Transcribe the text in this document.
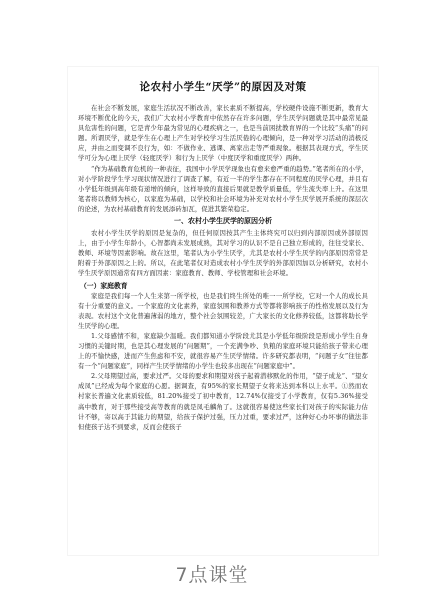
论农村小学生“厌学”的原因及对策

在社会不断发展，家庭生活状况不断改善，家长素质不断提高，学校硬件设施不断更新，教育大环境不断优化的今天，我们广大农村小学教育中依然存在许多问题，学生厌学问题就是其中最常见最具危害性的问题，它是青少年最为常见的心理疾病之一，也是当前困扰教育界的一个比较“头痛”的问题。所谓厌学，就是学生在心理上产生对学校学习生活厌倦的心理倾向，是一种对学习活动的消极反应，并由之而变调不良行为，如：不做作业、逃课、离家出走等严重现象。根据其表现方式，学生厌学可分为心理上厌学（轻度厌学）和行为上厌学（中度厌学和重度厌学）两种。

“作为基础教育危机的一种表征，我国中小学厌学现象也有愈来愈严重的趋势。”笔者所在的小学，对小学阶段学生学习现状情况进行了调查了解，有近一半的学生都存在不同程度的厌学心理，并且有小学低年级到高年级有递增的倾向，这样导致的直接后果就是教学质量低，学生流失率上升。在这里笔者将以教师为核心，以家庭为基础，以学校和社会环境为补充对农村小学生厌学展开系统的深层次的论述，为农村基础教育的发展添砖加瓦，促进其繁荣稳定。

一、农村小学生厌学的原因分析

农村小学生厌学的原因是复杂的，但任何原因按其产生主体终究可以归到内部原因或外部原因上，由于小学生年龄小，心智都尚未发展成熟，其对学习的认识不是自己独立形成的，往往受家长、教师、环境等因素影响。故在这里，笔者认为小学生厌学，尤其是农村小学生厌学的内部原因常常是附着于外部原因之上的。所以，在此笔者仅对造成农村小学生厌学的外部原因加以分析研究，农村小学生厌学原因通常有四方面因素：家庭教育、教师、学校管理和社会环境。

（一）家庭教育

家庭是我们每一个人生来第一所学校，也是我们终生所处的唯一一所学校，它对一个人的成长具有十分重要的意义。一个家庭的文化素养，家庭氛围和教养方式等都将影响孩子的性格发展以及行为表现。农村这个文化普遍薄弱的地方，整个社会氛围较差，广大家长的文化修养较低，这都将助长学生厌学的心理。

1.父母感情不和，家庭缺少温暖。我们都知道小学阶段尤其是小学低年级阶段是形成小学生自身习惯的关键时期，也是其心理发展的“问题期”，一个充满争吵、负粮的家庭环境只能给孩子带来心理上的不愉快感，进而产生焦虑和不安，就很容易产生厌学情绪。许多研究都表明，“问题子女”往往都有一个“问题家庭”，同样产生厌学情绪的小学生也较多出现在“问题家庭中”。

2.父母期望过高，要求过严。父母的要求和期望对孩子起着潜移默化的作用，“望子成龙”、“望女成凤”已经成为每个家庭的心愿。据调查，有95%的家长期望子女将来达到本科以上水平。①然而农村家长普遍文化素质较低，81.20%接受了初中教育，12.74%仅接受了小学教育，仅有5.36%接受高中教育，对于那些接受高等教育的就是凤毛麟角了。这就很容易使这些家长们对孩子的实际能力估计不够，寄以高于其能力的期望，给孩子保护过强，压力过重，要求过严，这种好心办坏事的做法非但使孩子达不到要求，反而会使孩子

7点课堂
